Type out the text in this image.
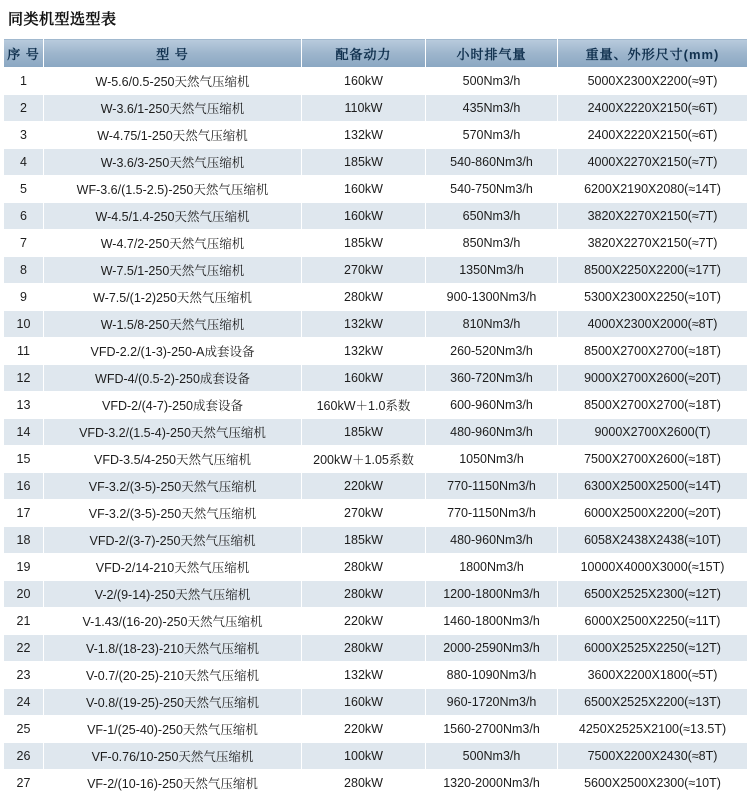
同类机型选型表
序 号	型 号	配备动力	小时排气量	重量、外形尺寸(mm)
1	W-5.6/0.5-250天然气压缩机	160kW	500Nm3/h	5000X2300X2200(≈9T)
2	W-3.6/1-250天然气压缩机	110kW	435Nm3/h	2400X2220X2150(≈6T)
3	W-4.75/1-250天然气压缩机	132kW	570Nm3/h	2400X2220X2150(≈6T)
4	W-3.6/3-250天然气压缩机	185kW	540-860Nm3/h	4000X2270X2150(≈7T)
5	WF-3.6/(1.5-2.5)-250天然气压缩机	160kW	540-750Nm3/h	6200X2190X2080(≈14T)
6	W-4.5/1.4-250天然气压缩机	160kW	650Nm3/h	3820X2270X2150(≈7T)
7	W-4.7/2-250天然气压缩机	185kW	850Nm3/h	3820X2270X2150(≈7T)
8	W-7.5/1-250天然气压缩机	270kW	1350Nm3/h	8500X2250X2200(≈17T)
9	W-7.5/(1-2)250天然气压缩机	280kW	900-1300Nm3/h	5300X2300X2250(≈10T)
10	W-1.5/8-250天然气压缩机	132kW	810Nm3/h	4000X2300X2000(≈8T)
11	VFD-2.2/(1-3)-250-A成套设备	132kW	260-520Nm3/h	8500X2700X2700(≈18T)
12	WFD-4/(0.5-2)-250成套设备	160kW	360-720Nm3/h	9000X2700X2600(≈20T)
13	VFD-2/(4-7)-250成套设备	160kW＋1.0系数	600-960Nm3/h	8500X2700X2700(≈18T)
14	VFD-3.2/(1.5-4)-250天然气压缩机	185kW	480-960Nm3/h	9000X2700X2600(T)
15	VFD-3.5/4-250天然气压缩机	200kW＋1.05系数	1050Nm3/h	7500X2700X2600(≈18T)
16	VF-3.2/(3-5)-250天然气压缩机	220kW	770-1150Nm3/h	6300X2500X2500(≈14T)
17	VF-3.2/(3-5)-250天然气压缩机	270kW	770-1150Nm3/h	6000X2500X2200(≈20T)
18	VFD-2/(3-7)-250天然气压缩机	185kW	480-960Nm3/h	6058X2438X2438(≈10T)
19	VFD-2/14-210天然气压缩机	280kW	1800Nm3/h	10000X4000X3000(≈15T)
20	V-2/(9-14)-250天然气压缩机	280kW	1200-1800Nm3/h	6500X2525X2300(≈12T)
21	V-1.43/(16-20)-250天然气压缩机	220kW	1460-1800Nm3/h	6000X2500X2250(≈11T)
22	V-1.8/(18-23)-210天然气压缩机	280kW	2000-2590Nm3/h	6000X2525X2250(≈12T)
23	V-0.7/(20-25)-210天然气压缩机	132kW	880-1090Nm3/h	3600X2200X1800(≈5T)
24	V-0.8/(19-25)-250天然气压缩机	160kW	960-1720Nm3/h	6500X2525X2200(≈13T)
25	VF-1/(25-40)-250天然气压缩机	220kW	1560-2700Nm3/h	4250X2525X2100(≈13.5T)
26	VF-0.76/10-250天然气压缩机	100kW	500Nm3/h	7500X2200X2430(≈8T)
27	VF-2/(10-16)-250天然气压缩机	280kW	1320-2000Nm3/h	5600X2500X2300(≈10T)
